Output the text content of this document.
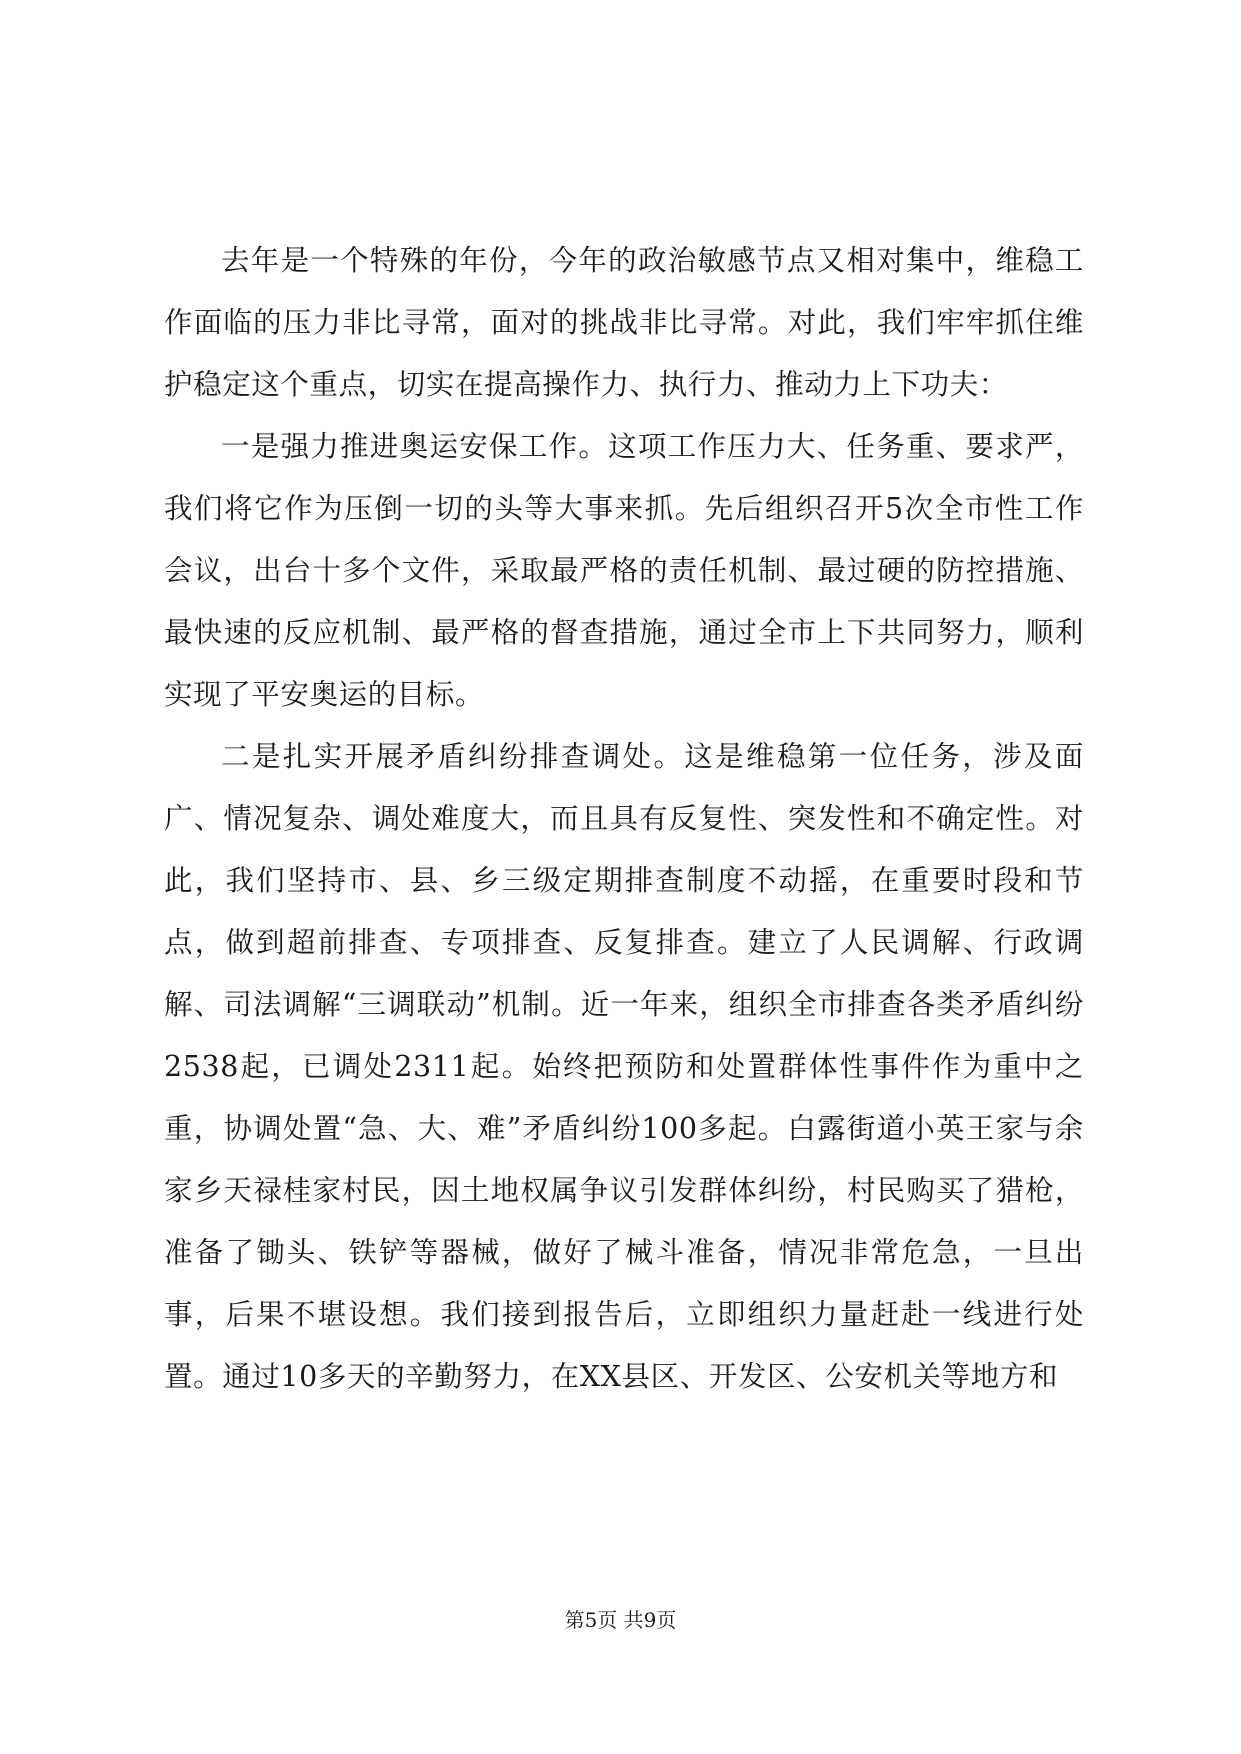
去年是一个特殊的年份，今年的政治敏感节点又相对集中，维稳工作面临的压力非比寻常，面对的挑战非比寻常。对此，我们牢牢抓住维护稳定这个重点，切实在提高操作力、执行力、推动力上下功夫：

一是强力推进奥运安保工作。这项工作压力大、任务重、要求严，我们将它作为压倒一切的头等大事来抓。先后组织召开5次全市性工作会议，出台十多个文件，采取最严格的责任机制、最过硬的防控措施、最快速的反应机制、最严格的督查措施，通过全市上下共同努力，顺利实现了平安奥运的目标。

二是扎实开展矛盾纠纷排查调处。这是维稳第一位任务，涉及面广、情况复杂、调处难度大，而且具有反复性、突发性和不确定性。对此，我们坚持市、县、乡三级定期排查制度不动摇，在重要时段和节点，做到超前排查、专项排查、反复排查。建立了人民调解、行政调解、司法调解“三调联动”机制。近一年来，组织全市排查各类矛盾纠纷2538起，已调处2311起。始终把预防和处置群体性事件作为重中之重，协调处置“急、大、难”矛盾纠纷100多起。白露街道小英王家与余家乡天禄桂家村民，因土地权属争议引发群体纠纷，村民购买了猎枪，准备了锄头、铁铲等器械，做好了械斗准备，情况非常危急，一旦出事，后果不堪设想。我们接到报告后，立即组织力量赶赴一线进行处置。通过10多天的辛勤努力，在XX县区、开发区、公安机关等地方和

第5页 共9页
